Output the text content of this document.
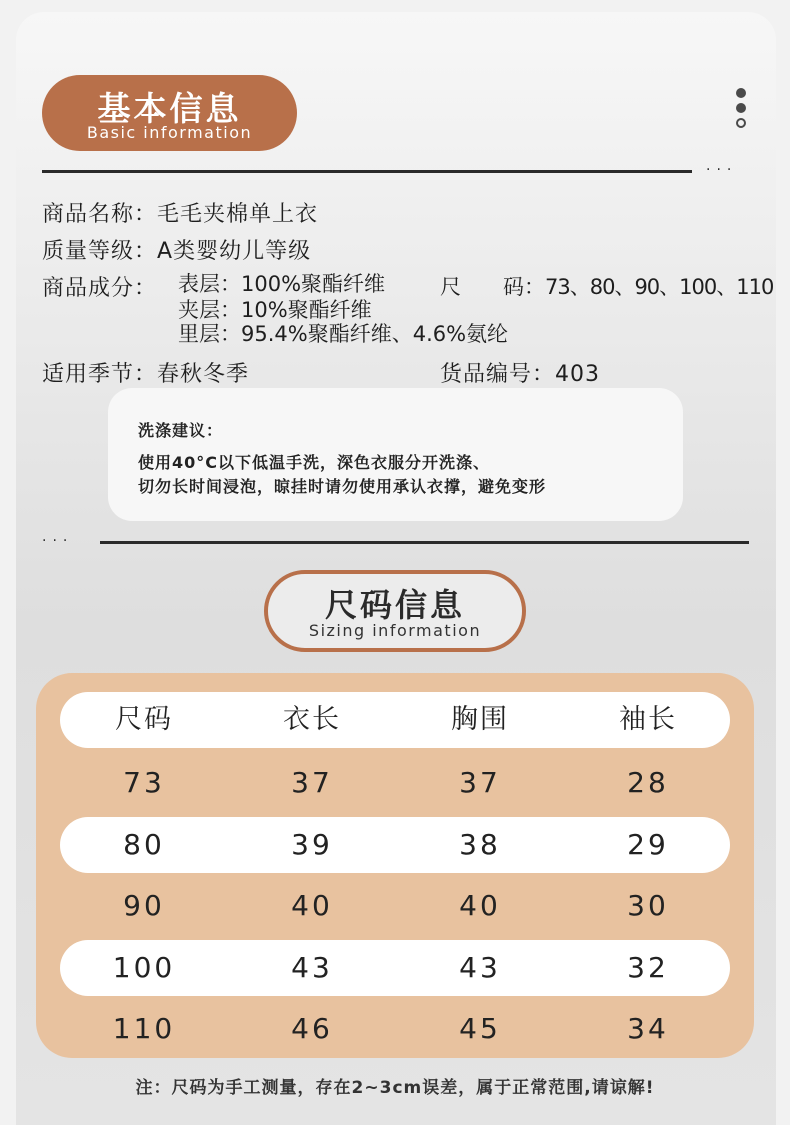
基本信息
Basic information
···
商品名称：毛毛夹棉单上衣
质量等级：A类婴幼儿等级
商品成分： 表层：100%聚酯纤维
夹层：10%聚酯纤维
里层：95.4%聚酯纤维、4.6%氨纶
尺　　码：73、80、90、100、110
适用季节：春秋冬季	货品编号：403
洗涤建议：
使用40°C以下低温手洗，深色衣服分开洗涤、
切勿长时间浸泡，晾挂时请勿使用承认衣撑，避免变形
···
尺码信息
Sizing information
尺码	衣长	胸围	袖长
73	37	37	28
80	39	38	29
90	40	40	30
100	43	43	32
110	46	45	34
注：尺码为手工测量，存在2~3cm误差，属于正常范围,请谅解!
